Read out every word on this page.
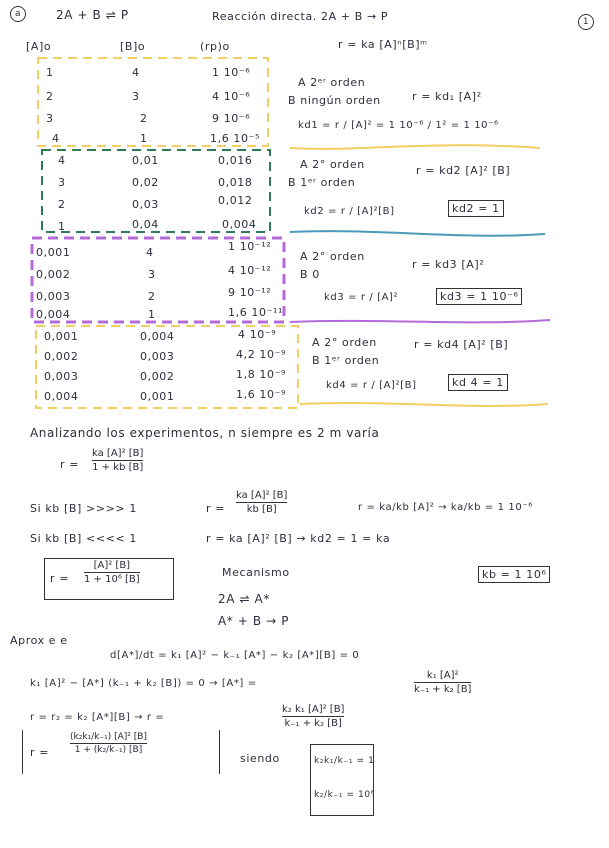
a	2A + B ⇌ P	Reacción directa. 2A + B → P	1
r = ka [A]ⁿ[B]ᵐ
[A]o	[B]o	(rp)o
1	4	1 10⁻⁶
2	3	4 10⁻⁶
3	2	9 10⁻⁶
4	1	1,6 10⁻⁵
4	0,01	0,016
3	0,02	0,018
2	0,03	0,012
1	0,04	0,004
0,001	4	1 10⁻¹²
0,002	3	4 10⁻¹²
0,003	2	9 10⁻¹²
0,004	1	1,6 10⁻¹¹
0,001	0,004	4 10⁻⁹
0,002	0,003	4,2 10⁻⁹
0,003	0,002	1,8 10⁻⁹
0,004	0,001	1,6 10⁻⁹
A 2ᵉʳ orden
B ningún orden	r = kd₁ [A]²
kd1 = r / [A]² = 1 10⁻⁶ / 1² = 1 10⁻⁶
A 2° orden
B 1ᵉʳ orden
r = kd2 [A]² [B]
kd2 = r / [A]²[B]	kd2 = 1
A 2° orden
B 0
r = kd3 [A]²
kd3 = r / [A]²	kd3 = 1 10⁻⁶
A 2° orden
B 1ᵉʳ orden
r = kd4 [A]² [B]
kd4 = r / [A]²[B]	kd 4 = 1
Analizando los experimentos, n siempre es 2 m varía
r =
ka [A]² [B]
1 + kb [B]
Si kb [B] >>>> 1	r =
ka [A]² [B]
kb [B]	r = ka/kb [A]² → ka/kb = 1 10⁻⁶
Si kb [B] <<<< 1	r = ka [A]² [B] → kd2 = 1 = ka
r =
[A]² [B]
1 + 10⁶ [B]	kb = 1 10⁶
Mecanismo
2A ⇌ A*
A* + B → P
Aprox e e
d[A*]/dt = k₁ [A]² − k₋₁ [A*] − k₂ [A*][B] = 0
k₁ [A]² − [A*] (k₋₁ + k₂ [B]) = 0 → [A*] =
k₁ [A]²
k₋₁ + k₂ [B]
r = r₂ = k₂ [A*][B] → r =
k₂ k₁ [A]² [B]
k₋₁ + k₂ [B]
r =
(k₂k₁/k₋₁) [A]² [B]
1 + (k₂/k₋₁) [B]
siendo	k₂k₁/k₋₁ = 1
k₂/k₋₁ = 10⁶
